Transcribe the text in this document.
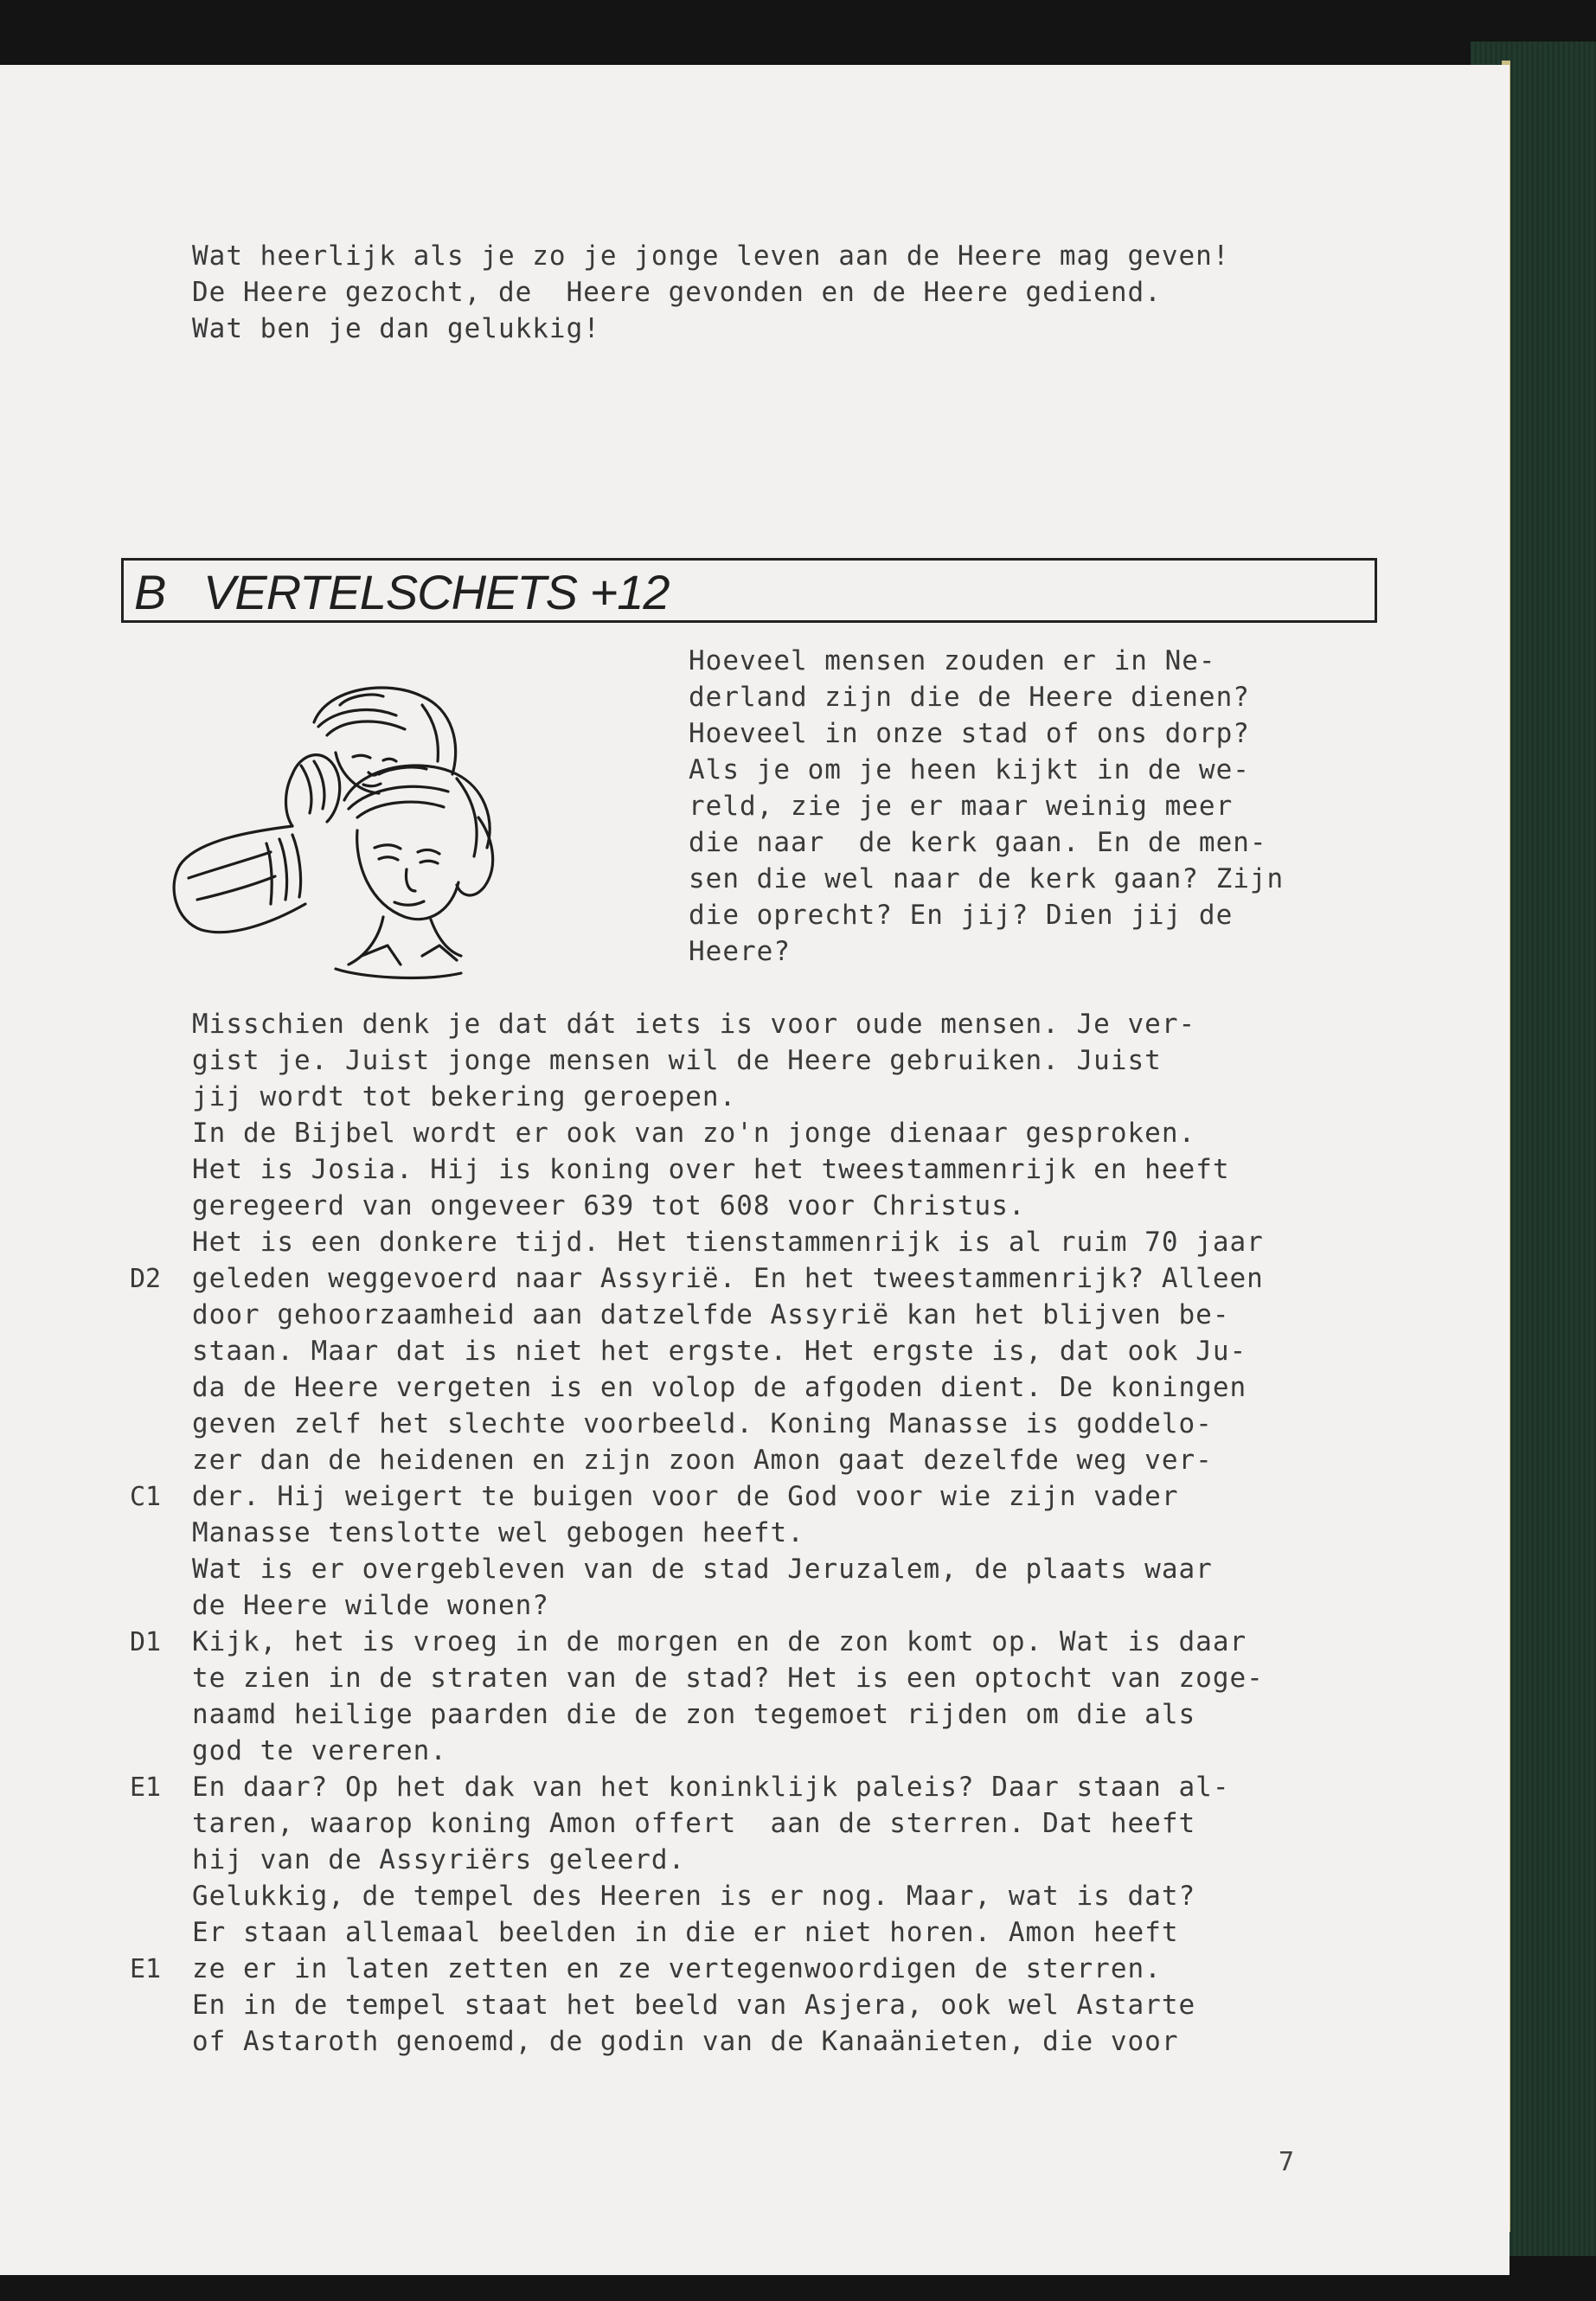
Wat heerlijk als je zo je jonge leven aan de Heere mag geven!
De Heere gezocht, de  Heere gevonden en de Heere gediend.
Wat ben je dan gelukkig!
B   VERTELSCHETS +12
Hoeveel mensen zouden er in Ne-
derland zijn die de Heere dienen?
Hoeveel in onze stad of ons dorp?
Als je om je heen kijkt in de we-
reld, zie je er maar weinig meer
die naar  de kerk gaan. En de men-
sen die wel naar de kerk gaan? Zijn
die oprecht? En jij? Dien jij de
Heere?
Misschien denk je dat dát iets is voor oude mensen. Je ver-
gist je. Juist jonge mensen wil de Heere gebruiken. Juist
jij wordt tot bekering geroepen.
In de Bijbel wordt er ook van zo'n jonge dienaar gesproken.
Het is Josia. Hij is koning over het tweestammenrijk en heeft
geregeerd van ongeveer 639 tot 608 voor Christus.
Het is een donkere tijd. Het tienstammenrijk is al ruim 70 jaar
geleden weggevoerd naar Assyrië. En het tweestammenrijk? Alleen
door gehoorzaamheid aan datzelfde Assyrië kan het blijven be-
staan. Maar dat is niet het ergste. Het ergste is, dat ook Ju-
da de Heere vergeten is en volop de afgoden dient. De koningen
geven zelf het slechte voorbeeld. Koning Manasse is goddelo-
zer dan de heidenen en zijn zoon Amon gaat dezelfde weg ver-
der. Hij weigert te buigen voor de God voor wie zijn vader
Manasse tenslotte wel gebogen heeft.
Wat is er overgebleven van de stad Jeruzalem, de plaats waar
de Heere wilde wonen?
Kijk, het is vroeg in de morgen en de zon komt op. Wat is daar
te zien in de straten van de stad? Het is een optocht van zoge-
naamd heilige paarden die de zon tegemoet rijden om die als
god te vereren.
En daar? Op het dak van het koninklijk paleis? Daar staan al-
taren, waarop koning Amon offert  aan de sterren. Dat heeft
hij van de Assyriërs geleerd.
Gelukkig, de tempel des Heeren is er nog. Maar, wat is dat?
Er staan allemaal beelden in die er niet horen. Amon heeft
ze er in laten zetten en ze vertegenwoordigen de sterren.
En in de tempel staat het beeld van Asjera, ook wel Astarte
of Astaroth genoemd, de godin van de Kanaänieten, die voor
D2
C1
D1
E1
E1
7
